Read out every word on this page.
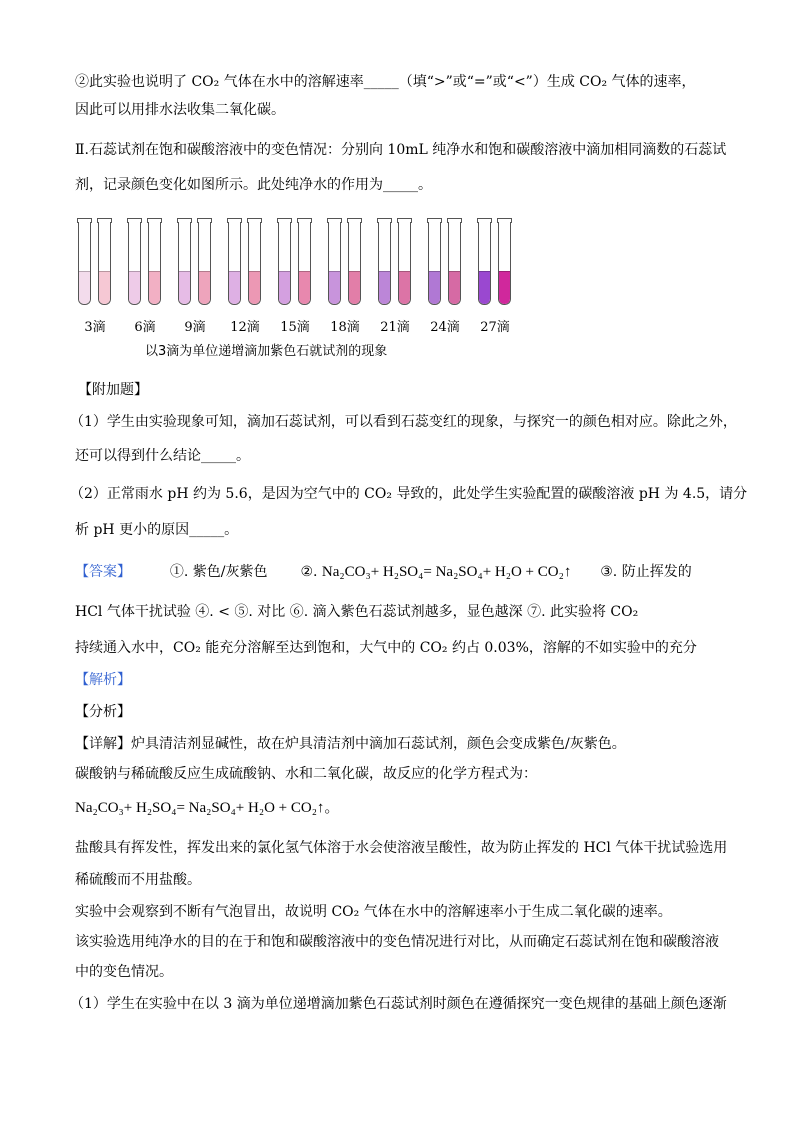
②此实验也说明了 CO₂ 气体在水中的溶解速率_____（填“>”或“=”或“<”）生成 CO₂ 气体的速率，
因此可以用排水法收集二氧化碳。
Ⅱ.石蕊试剂在饱和碳酸溶液中的变色情况：分别向 10mL 纯净水和饱和碳酸溶液中滴加相同滴数的石蕊试
剂，记录颜色变化如图所示。此处纯净水的作用为_____。
3滴	6滴	9滴	12滴	15滴	18滴	21滴	24滴	27滴
以3滴为单位递增滴加紫色石就试剂的现象
【附加题】
（1）学生由实验现象可知，滴加石蕊试剂，可以看到石蕊变红的现象，与探究一的颜色相对应。除此之外，
还可以得到什么结论_____。
（2）正常雨水 pH 约为 5.6，是因为空气中的 CO₂ 导致的，此处学生实验配置的碳酸溶液 pH 为 4.5，请分
析 pH 更小的原因_____。
【答案】	①. 紫色/灰紫色 ②. Na₂CO₃+ H₂SO₄= Na₂SO₄+ H₂O + CO₂↑ ③. 防止挥发的
HCl 气体干扰试验 ④. < ⑤. 对比 ⑥. 滴入紫色石蕊试剂越多，显色越深 ⑦. 此实验将 CO₂
持续通入水中，CO₂ 能充分溶解至达到饱和，大气中的 CO₂ 约占 0.03%，溶解的不如实验中的充分
【解析】
【分析】
【详解】炉具清洁剂显碱性，故在炉具清洁剂中滴加石蕊试剂，颜色会变成紫色/灰紫色。
碳酸钠与稀硫酸反应生成硫酸钠、水和二氧化碳，故反应的化学方程式为：
Na₂CO₃+ H₂SO₄= Na₂SO₄+ H₂O + CO₂↑。
盐酸具有挥发性，挥发出来的氯化氢气体溶于水会使溶液呈酸性，故为防止挥发的 HCl 气体干扰试验选用
稀硫酸而不用盐酸。
实验中会观察到不断有气泡冒出，故说明 CO₂ 气体在水中的溶解速率小于生成二氧化碳的速率。
该实验选用纯净水的目的在于和饱和碳酸溶液中的变色情况进行对比，从而确定石蕊试剂在饱和碳酸溶液
中的变色情况。
（1）学生在实验中在以 3 滴为单位递增滴加紫色石蕊试剂时颜色在遵循探究一变色规律的基础上颜色逐渐
